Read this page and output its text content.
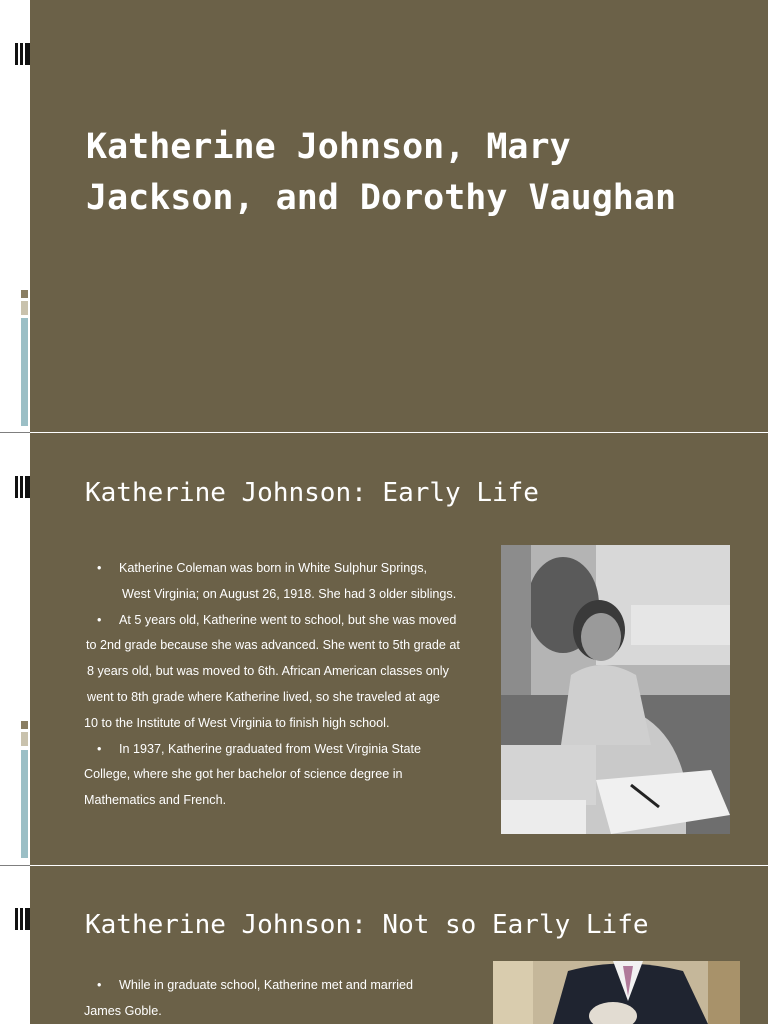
Katherine Johnson, Mary Jackson, and Dorothy Vaughan
Katherine Johnson: Early Life

• Katherine Coleman was born in White Sulphur Springs,

West Virginia; on August 26, 1918. She had 3 older siblings.

• At 5 years old, Katherine went to school, but she was moved

to 2nd grade because she was advanced. She went to 5th grade at

8 years old, but was moved to 6th. African American classes only

went to 8th grade where Katherine lived, so she traveled at age

10 to the Institute of West Virginia to finish high school.

• In 1937, Katherine graduated from West Virginia State

College, where she got her bachelor of science degree in

Mathematics and French.

Katherine Johnson: Not so Early Life

• While in graduate school, Katherine met and married

James Goble.
